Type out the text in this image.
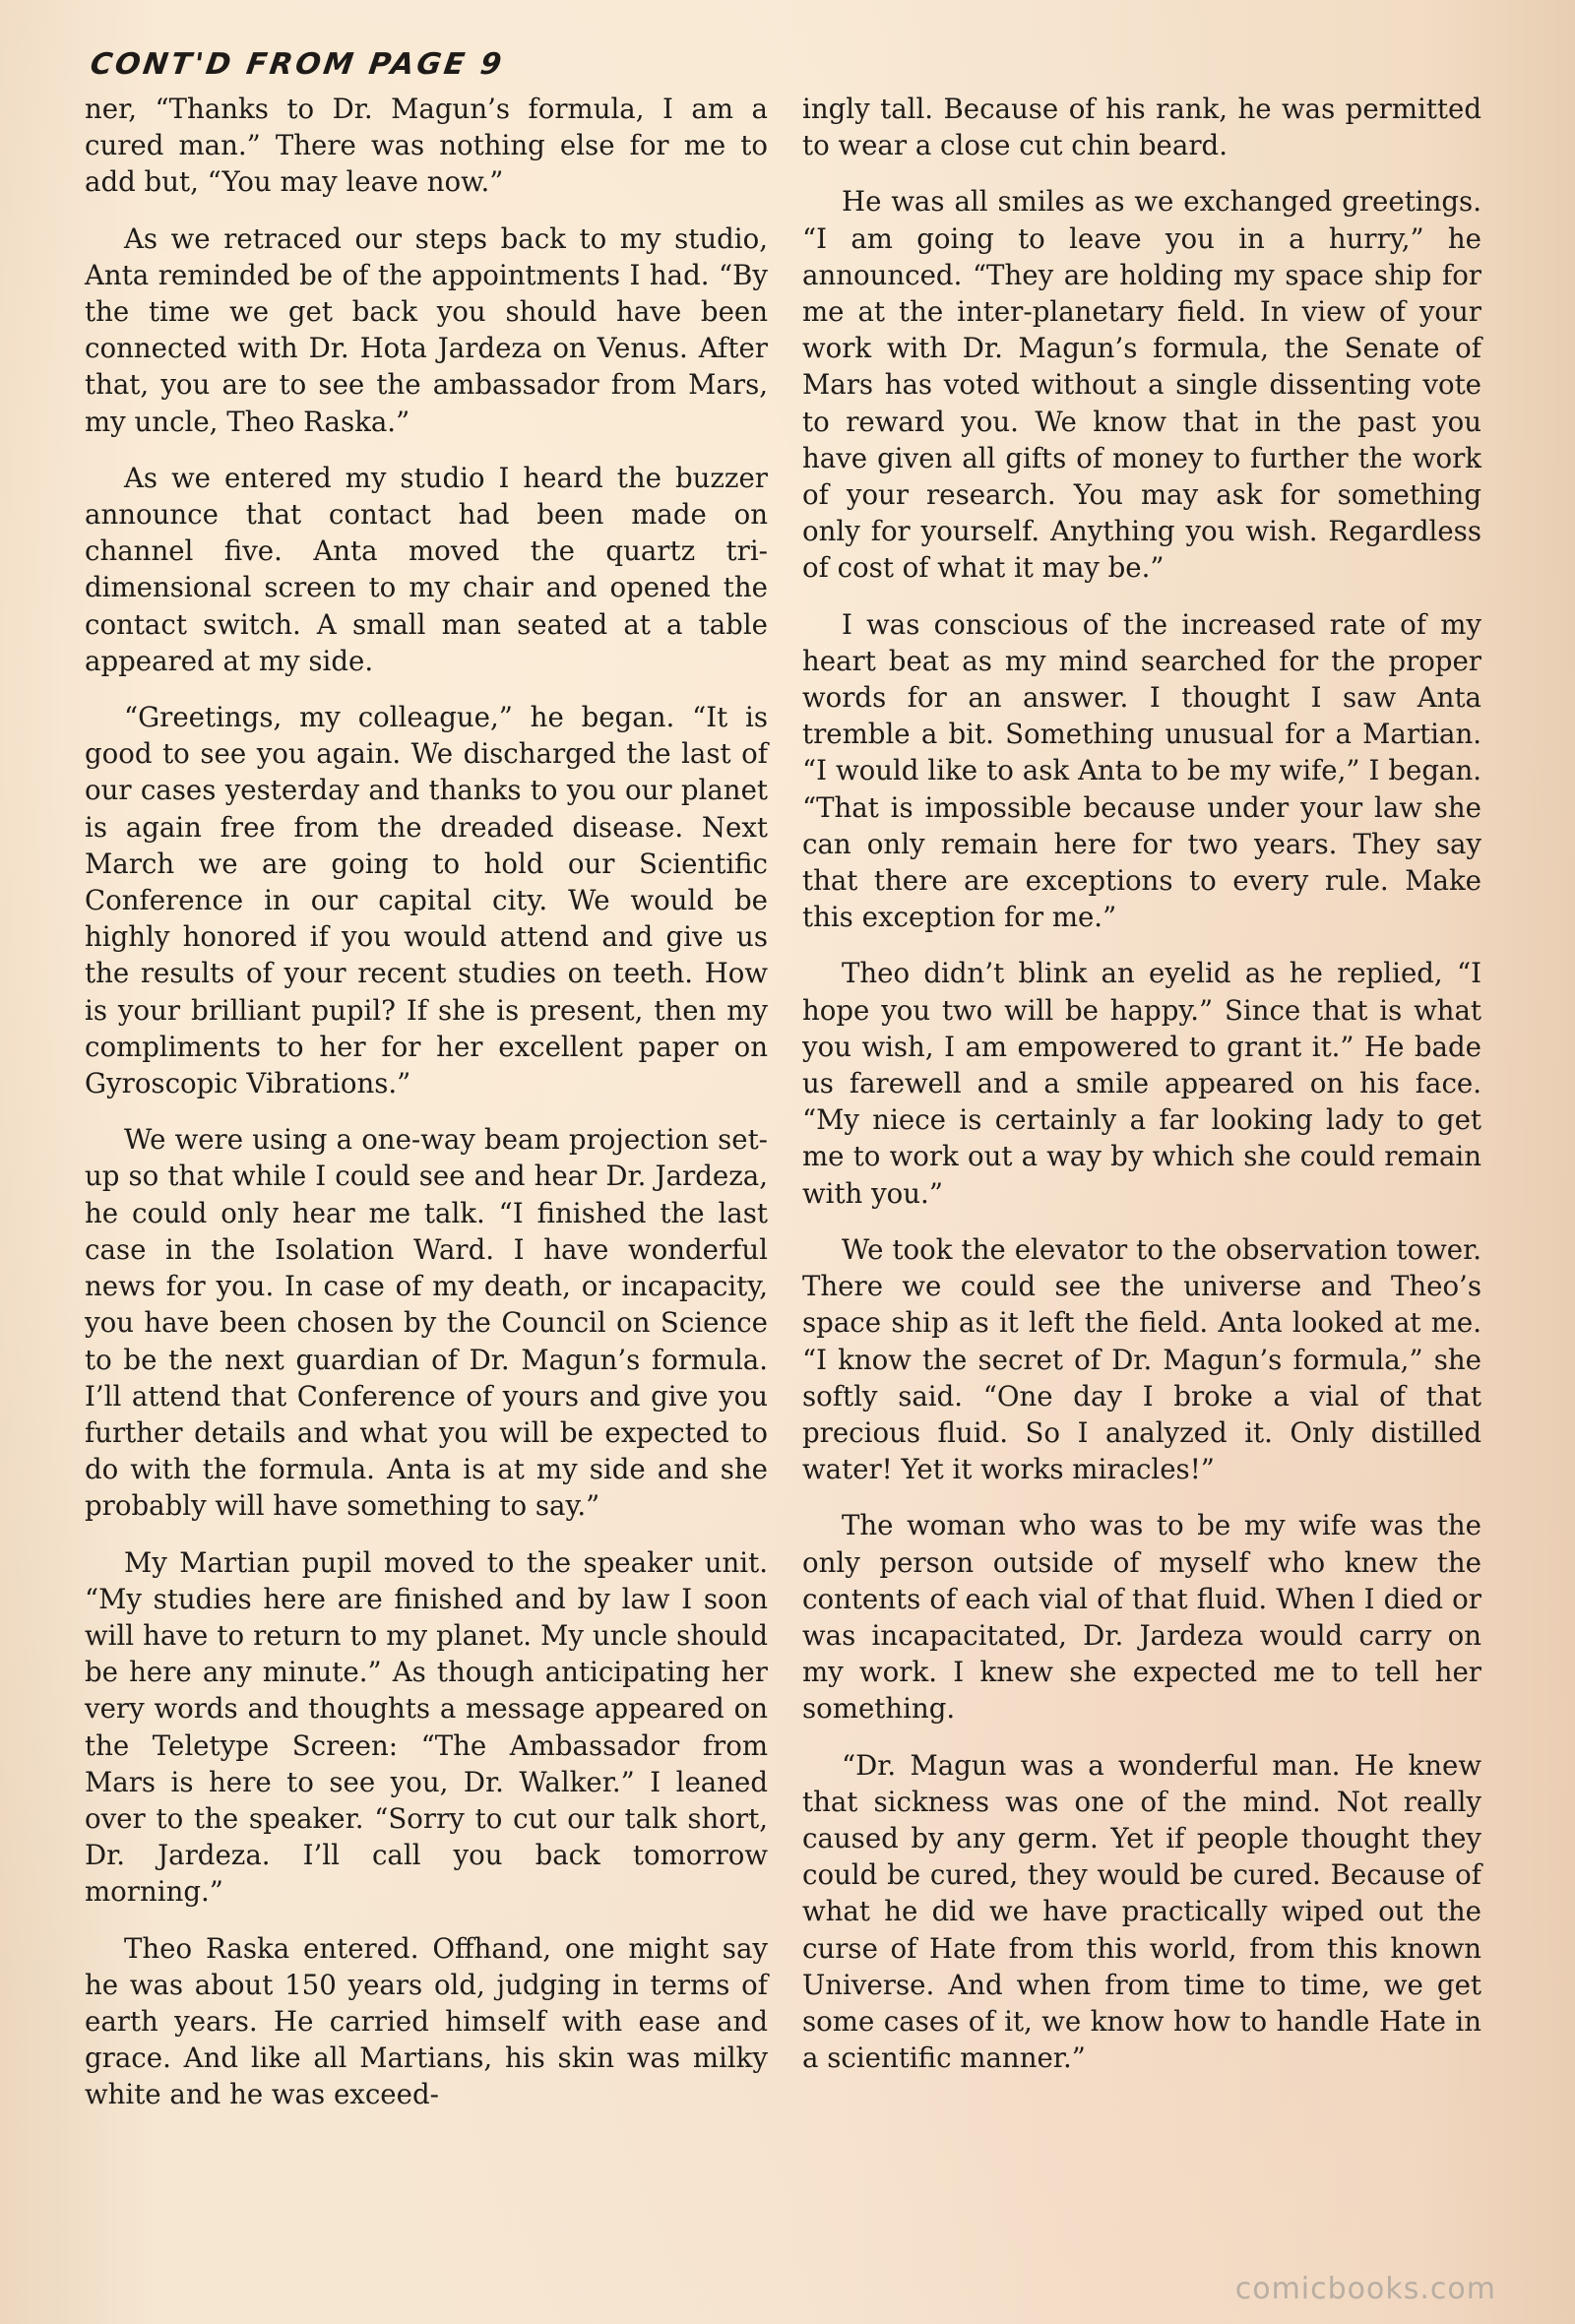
CONT'D FROM PAGE 9

ner, “Thanks to Dr. Magun’s formula, I am a cured man.” There was nothing else for me to add but, “You may leave now.”

As we retraced our steps back to my studio, Anta reminded be of the appointments I had. “By the time we get back you should have been connected with Dr. Hota Jardeza on Venus. After that, you are to see the ambassador from Mars, my uncle, Theo Raska.”

As we entered my studio I heard the buzzer announce that contact had been made on channel five. Anta moved the quartz tri-dimensional screen to my chair and opened the contact switch. A small man seated at a table appeared at my side.

“Greetings, my colleague,” he began. “It is good to see you again. We discharged the last of our cases yesterday and thanks to you our planet is again free from the dreaded disease. Next March we are going to hold our Scientific Conference in our capital city. We would be highly honored if you would attend and give us the results of your recent studies on teeth. How is your brilliant pupil? If she is present, then my compliments to her for her excellent paper on Gyroscopic Vibrations.”

We were using a one-way beam projection set-up so that while I could see and hear Dr. Jardeza, he could only hear me talk. “I finished the last case in the Isolation Ward. I have wonderful news for you. In case of my death, or incapacity, you have been chosen by the Council on Science to be the next guardian of Dr. Magun’s formula. I’ll attend that Conference of yours and give you further details and what you will be expected to do with the formula. Anta is at my side and she probably will have something to say.”

My Martian pupil moved to the speaker unit. “My studies here are finished and by law I soon will have to return to my planet. My uncle should be here any minute.” As though anticipating her very words and thoughts a message appeared on the Teletype Screen: “The Ambassador from Mars is here to see you, Dr. Walker.” I leaned over to the speaker. “Sorry to cut our talk short, Dr. Jardeza. I’ll call you back tomorrow morning.”

Theo Raska entered. Offhand, one might say he was about 150 years old, judging in terms of earth years. He carried himself with ease and grace. And like all Martians, his skin was milky white and he was exceed-

ingly tall. Because of his rank, he was permitted to wear a close cut chin beard.

He was all smiles as we exchanged greetings. “I am going to leave you in a hurry,” he announced. “They are holding my space ship for me at the inter-planetary field. In view of your work with Dr. Magun’s formula, the Senate of Mars has voted without a single dissenting vote to reward you. We know that in the past you have given all gifts of money to further the work of your research. You may ask for something only for yourself. Anything you wish. Regardless of cost of what it may be.”

I was conscious of the increased rate of my heart beat as my mind searched for the proper words for an answer. I thought I saw Anta tremble a bit. Something unusual for a Martian. “I would like to ask Anta to be my wife,” I began. “That is impossible because under your law she can only remain here for two years. They say that there are exceptions to every rule. Make this exception for me.”

Theo didn’t blink an eyelid as he replied, “I hope you two will be happy.” Since that is what you wish, I am empowered to grant it.” He bade us farewell and a smile appeared on his face. “My niece is certainly a far looking lady to get me to work out a way by which she could remain with you.”

We took the elevator to the observation tower. There we could see the universe and Theo’s space ship as it left the field. Anta looked at me. “I know the secret of Dr. Magun’s formula,” she softly said. “One day I broke a vial of that precious fluid. So I analyzed it. Only distilled water! Yet it works miracles!”

The woman who was to be my wife was the only person outside of myself who knew the contents of each vial of that fluid. When I died or was incapacitated, Dr. Jardeza would carry on my work. I knew she expected me to tell her something.

“Dr. Magun was a wonderful man. He knew that sickness was one of the mind. Not really caused by any germ. Yet if people thought they could be cured, they would be cured. Because of what he did we have practically wiped out the curse of Hate from this world, from this known Universe. And when from time to time, we get some cases of it, we know how to handle Hate in a scientific manner.”

comicbooks.com
